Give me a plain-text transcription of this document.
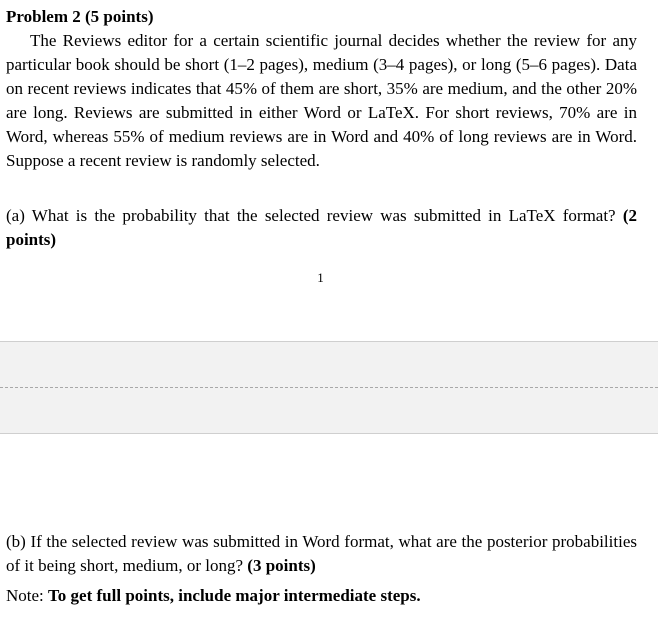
Problem 2 (5 points)
The Reviews editor for a certain scientific journal decides whether the review for any particular book should be short (1–2 pages), medium (3–4 pages), or long (5–6 pages). Data on recent reviews indicates that 45% of them are short, 35% are medium, and the other 20% are long. Reviews are submitted in either Word or LaTeX. For short reviews, 70% are in Word, whereas 55% of medium reviews are in Word and 40% of long reviews are in Word. Suppose a recent review is randomly selected.
(a) What is the probability that the selected review was submitted in LaTeX format? (2 points)
1
(b) If the selected review was submitted in Word format, what are the posterior probabilities of it being short, medium, or long? (3 points)
Note: To get full points, include major intermediate steps.
